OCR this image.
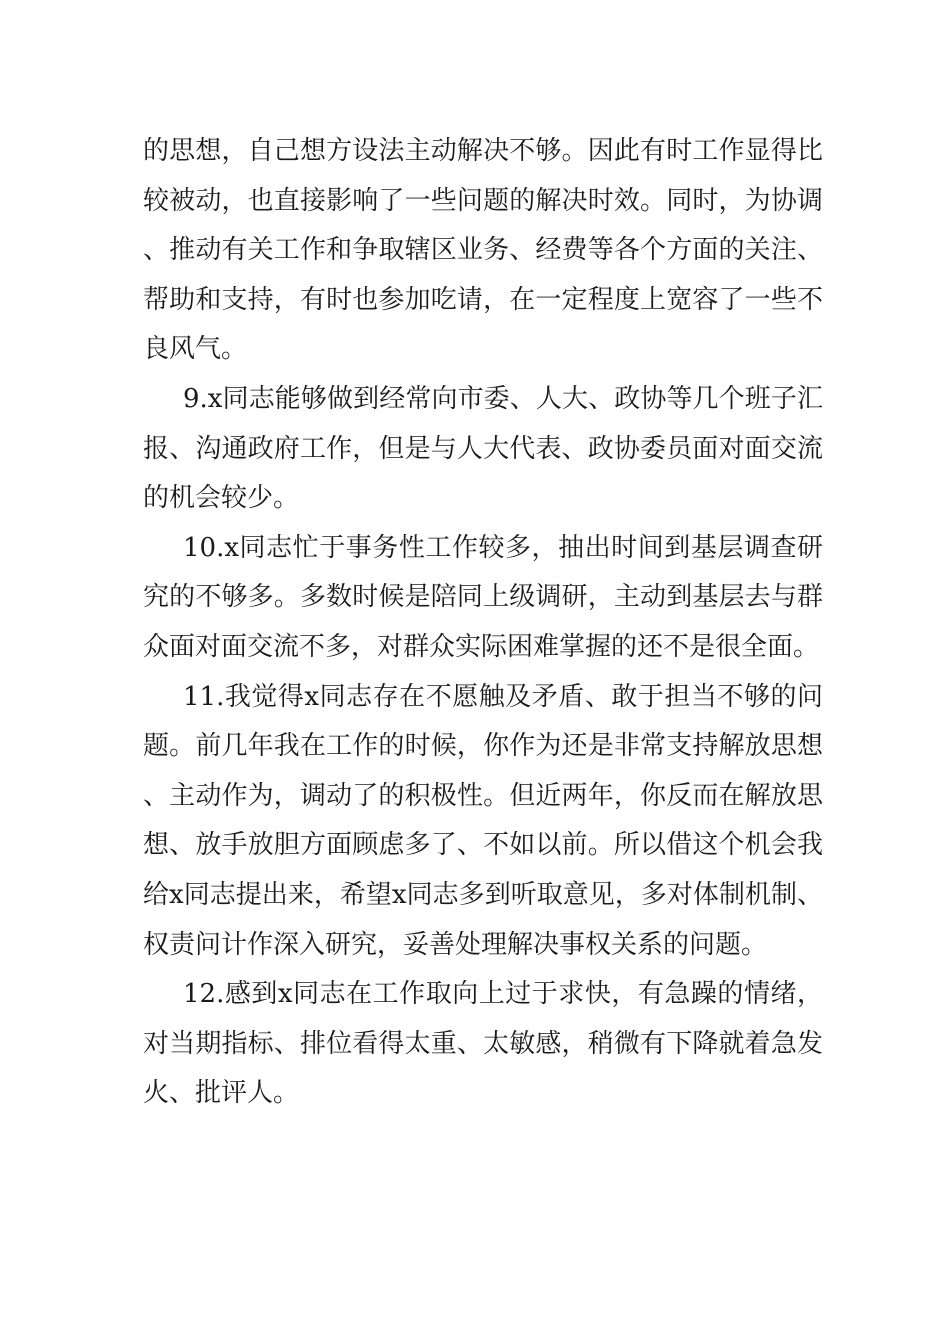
的思想，自己想方设法主动解决不够。因此有时工作显得比较被动，也直接影响了一些问题的解决时效。同时，为协调、推动有关工作和争取辖区业务、经费等各个方面的关注、帮助和支持，有时也参加吃请，在一定程度上宽容了一些不良风气。

9.x同志能够做到经常向市委、人大、政协等几个班子汇报、沟通政府工作，但是与人大代表、政协委员面对面交流的机会较少。

10.x同志忙于事务性工作较多，抽出时间到基层调查研究的不够多。多数时候是陪同上级调研，主动到基层去与群众面对面交流不多，对群众实际困难掌握的还不是很全面。

11.我觉得x同志存在不愿触及矛盾、敢于担当不够的问题。前几年我在工作的时候，你作为还是非常支持解放思想、主动作为，调动了的积极性。但近两年，你反而在解放思想、放手放胆方面顾虑多了、不如以前。所以借这个机会我给x同志提出来，希望x同志多到听取意见，多对体制机制、权责问计作深入研究，妥善处理解决事权关系的问题。

12.感到x同志在工作取向上过于求快，有急躁的情绪，对当期指标、排位看得太重、太敏感，稍微有下降就着急发火、批评人。
